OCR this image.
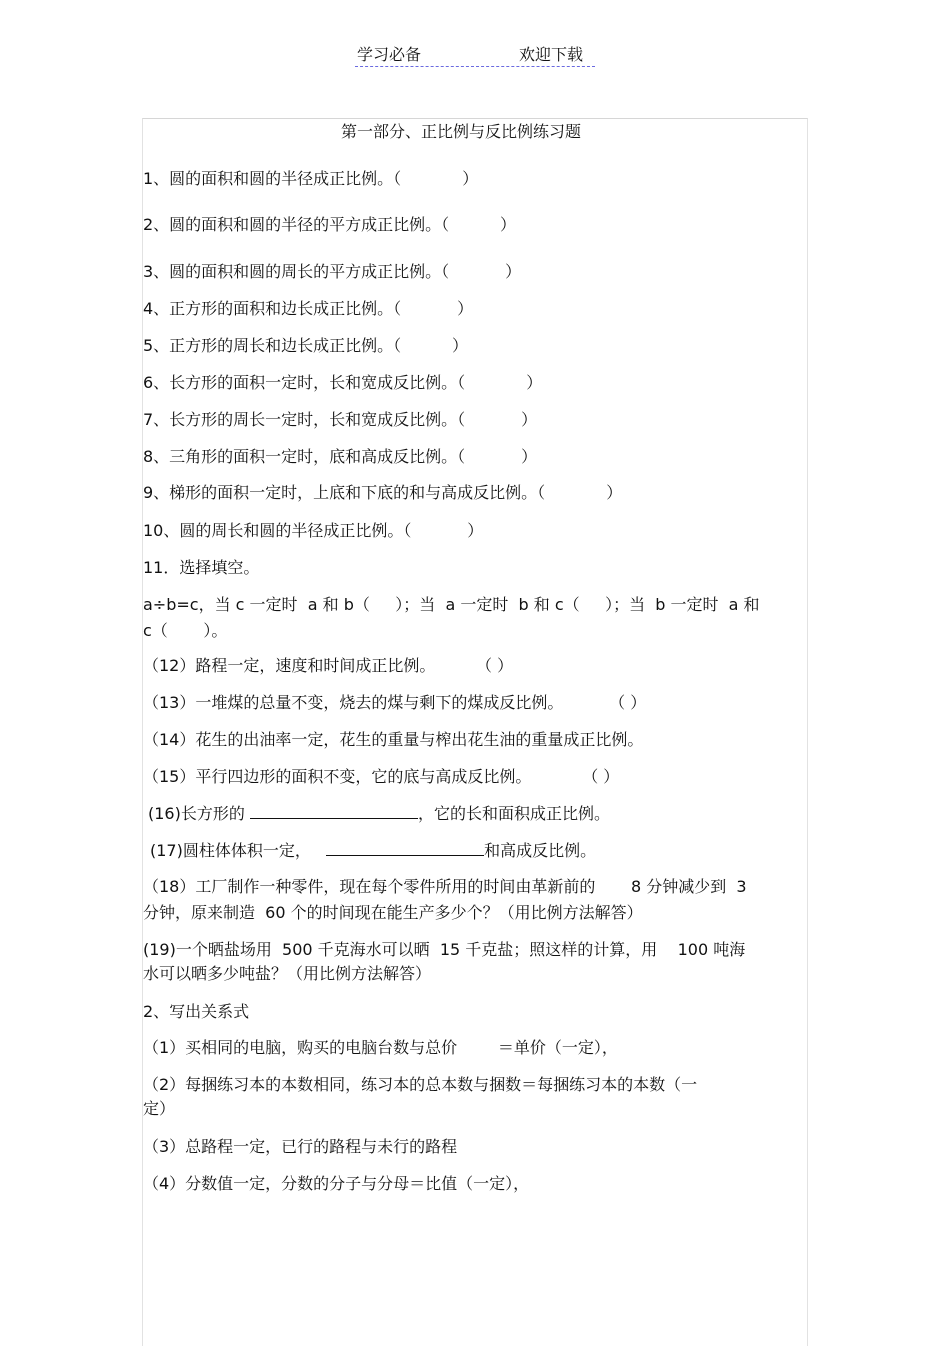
学习必备	欢迎下载
第一部分、正比例与反比例练习题
1、圆的面积和圆的半径成正比例。（            ）
2、圆的面积和圆的半径的平方成正比例。（          ）
3、圆的面积和圆的周长的平方成正比例。（           ）
4、正方形的面积和边长成正比例。（           ）
5、正方形的周长和边长成正比例。（          ）
6、长方形的面积一定时，长和宽成反比例。（            ）
7、长方形的周长一定时，长和宽成反比例。（           ）
8、三角形的面积一定时，底和高成反比例。（           ）
9、梯形的面积一定时，上底和下底的和与高成反比例。（            ）
10、圆的周长和圆的半径成正比例。（           ）
11．选择填空。
a÷b=c，当 c 一定时  a 和 b（     ）；当  a 一定时  b 和 c（     ）；当  b 一定时  a 和
c（       ）。
（12）路程一定，速度和时间成正比例。        （ ）
（13）一堆煤的总量不变，烧去的煤与剩下的煤成反比例。         （ ）
（14）花生的出油率一定，花生的重量与榨出花生油的重量成正比例。
（15）平行四边形的面积不变，它的底与高成反比例。          （ ）
(16)长方形的	，它的长和面积成正比例。
(17)圆柱体体积一定，	和高成反比例。
（18）工厂制作一种零件，现在每个零件所用的时间由革新前的       8 分钟减少到  3
分钟，原来制造  60 个的时间现在能生产多少个？（用比例方法解答）
(19)一个晒盐场用  500 千克海水可以晒  15 千克盐；照这样的计算，用    100 吨海
水可以晒多少吨盐？（用比例方法解答）
2、写出关系式
（1）买相同的电脑，购买的电脑台数与总价        ＝单价（一定），
（2）每捆练习本的本数相同，练习本的总本数与捆数＝每捆练习本的本数（一
定）
（3）总路程一定，已行的路程与未行的路程
（4）分数值一定，分数的分子与分母＝比值（一定），
